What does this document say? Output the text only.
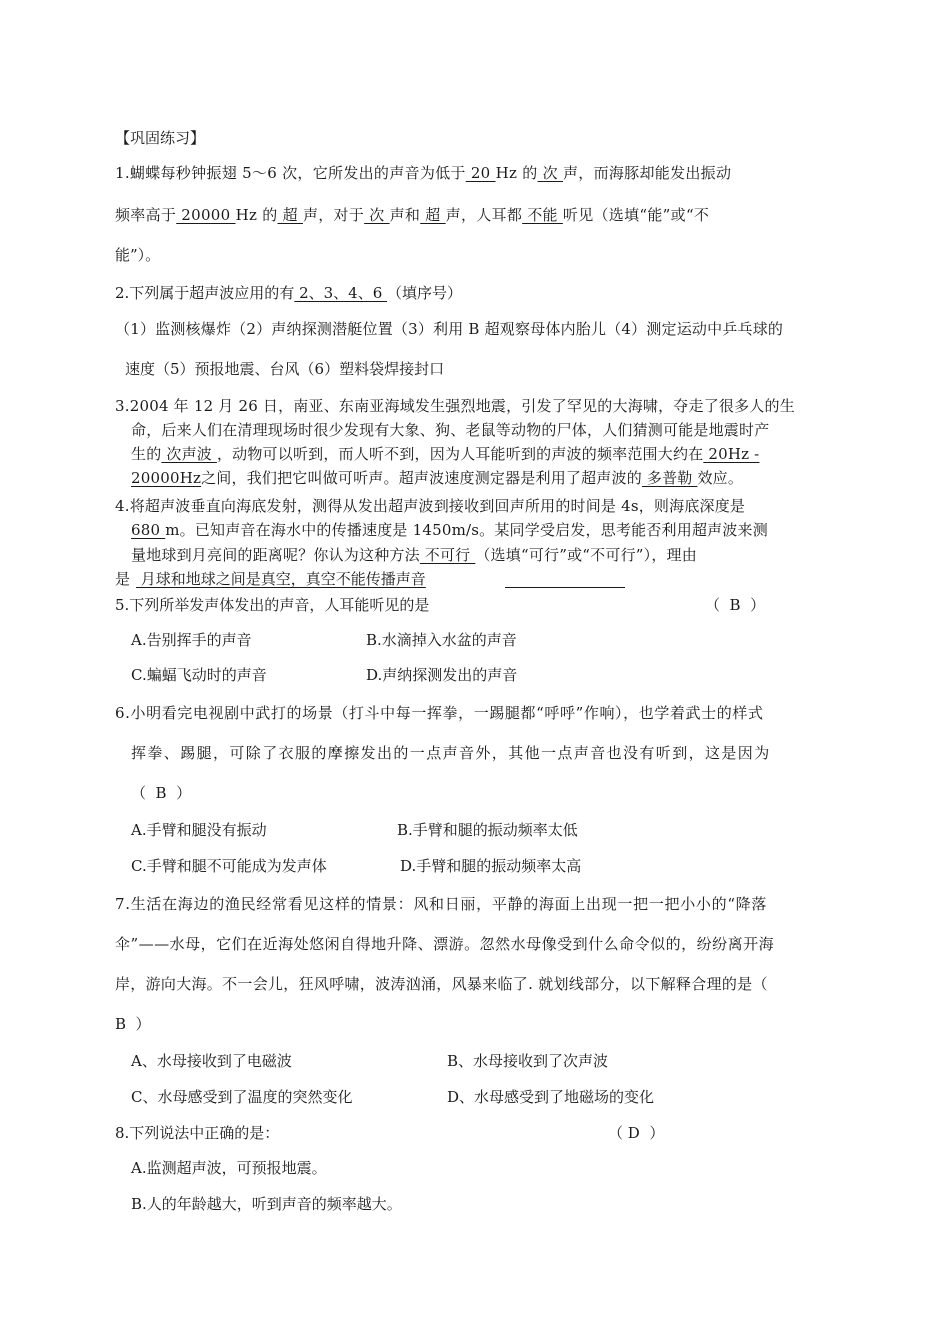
【巩固练习】
1.蝴蝶每秒钟振翅 5～6 次，它所发出的声音为低于 20 Hz 的 次 声，而海豚却能发出振动
频率高于 20000 Hz 的 超 声，对于 次 声和 超 声，人耳都 不能 听见（选填“能”或“不
能”）。
2.下列属于超声波应用的有 2、3、4、6 （填序号）
（1）监测核爆炸（2）声纳探测潜艇位置（3）利用 B 超观察母体内胎儿（4）测定运动中乒乓球的
速度（5）预报地震、台风（6）塑料袋焊接封口
3.2004 年 12 月 26 日，南亚、东南亚海域发生强烈地震，引发了罕见的大海啸，夺走了很多人的生
命，后来人们在清理现场时很少发现有大象、狗、老鼠等动物的尸体，人们猜测可能是地震时产
生的 次声波 ，动物可以听到，而人听不到，因为人耳能听到的声波的频率范围大约在 20Hz -
20000Hz之间，我们把它叫做可听声。超声波速度测定器是利用了超声波的 多普勒 效应。
4.将超声波垂直向海底发射，测得从发出超声波到接收到回声所用的时间是 4s，则海底深度是
680 m。已知声音在海水中的传播速度是 1450m/s。某同学受启发，思考能否利用超声波来测
量地球到月亮间的距离呢？你认为这种方法 不可行 （选填“可行”或“不可行”），理由
是 月球和地球之间是真空，真空不能传播声音
5.下列所举发声体发出的声音，人耳能听见的是	（  B  ）
A.告别挥手的声音	B.水滴掉入水盆的声音
C.蝙蝠飞动时的声音	D.声纳探测发出的声音
6.小明看完电视剧中武打的场景（打斗中每一挥拳，一踢腿都“呼呼”作响），也学着武士的样式
挥拳、踢腿，可除了衣服的摩擦发出的一点声音外，其他一点声音也没有听到，这是因为
（  B  ）
A.手臂和腿没有振动	B.手臂和腿的振动频率太低
C.手臂和腿不可能成为发声体	D.手臂和腿的振动频率太高
7.生活在海边的渔民经常看见这样的情景：风和日丽，平静的海面上出现一把一把小小的“降落
伞”——水母，它们在近海处悠闲自得地升降、漂游。忽然水母像受到什么命令似的，纷纷离开海
岸，游向大海。不一会儿，狂风呼啸，波涛汹涌，风暴来临了. 就划线部分，以下解释合理的是（
B  ）
A、水母接收到了电磁波	B、水母接收到了次声波
C、水母感受到了温度的突然变化	D、水母感受到了地磁场的变化
8.下列说法中正确的是：	（ D  ）
A.监测超声波，可预报地震。
B.人的年龄越大，听到声音的频率越大。
